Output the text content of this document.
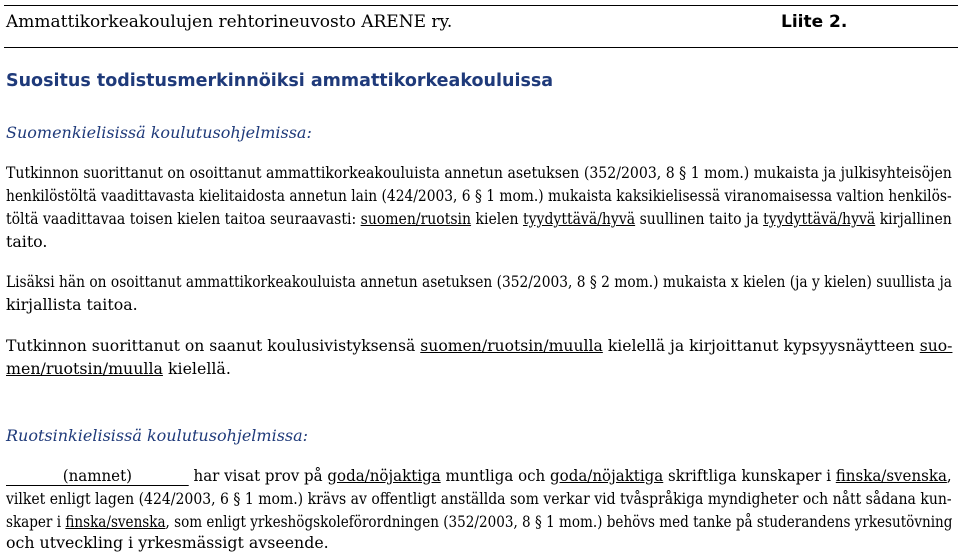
Ammattikorkeakoulujen rehtorineuvosto ARENE ry.	Liite 2.
Suositus todistusmerkinnöiksi ammattikorkeakouluissa
Suomenkielisissä koulutusohjelmissa:
Tutkinnon suorittanut on osoittanut ammattikorkeakouluista annetun asetuksen (352/2003, 8 § 1 mom.) mukaista ja julkisyhteisöjen
henkilöstöltä vaadittavasta kielitaidosta annetun lain (424/2003, 6 § 1 mom.) mukaista kaksikielisessä viranomaisessa valtion henkilös-
töltä vaadittavaa toisen kielen taitoa seuraavasti: suomen/ruotsin kielen tyydyttävä/hyvä suullinen taito ja tyydyttävä/hyvä kirjallinen
taito.
Lisäksi hän on osoittanut ammattikorkeakouluista annetun asetuksen (352/2003, 8 § 2 mom.) mukaista x kielen (ja y kielen) suullista ja
kirjallista taitoa.
Tutkinnon suorittanut on saanut koulusivistyksensä suomen/ruotsin/muulla kielellä ja kirjoittanut kypsyysnäytteen suo-
men/ruotsin/muulla kielellä.
Ruotsinkielisissä koulutusohjelmissa:
(namnet)	har visat prov på goda/nöjaktiga muntliga och goda/nöjaktiga skriftliga kunskaper i finska/svenska,
vilket enligt lagen (424/2003, 6 § 1 mom.) krävs av offentligt anställda som verkar vid tvåspråkiga myndigheter och nått sådana kun-
skaper i finska/svenska, som enligt yrkeshögskoleförordningen (352/2003, 8 § 1 mom.) behövs med tanke på studerandens yrkesutövning
och utveckling i yrkesmässigt avseende.
